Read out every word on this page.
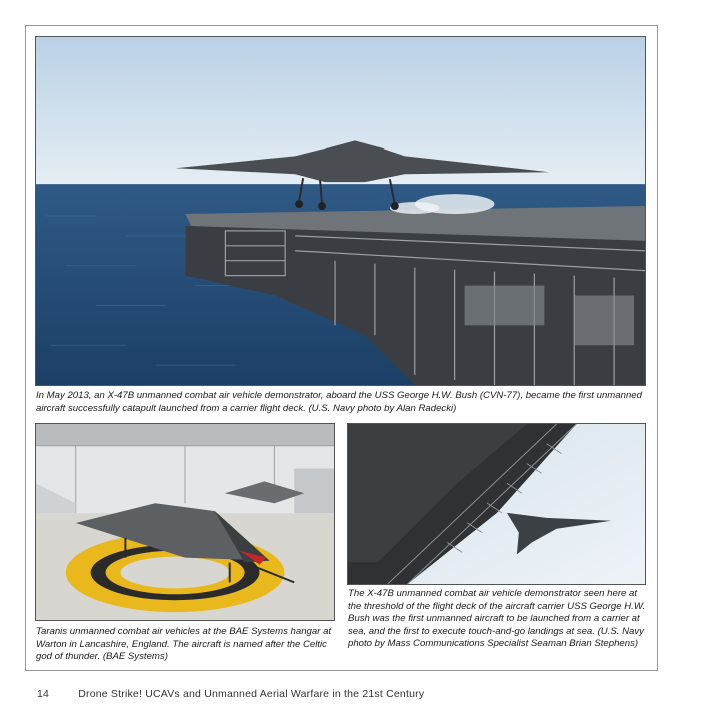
In May 2013, an X-47B unmanned combat air vehicle demonstrator, aboard the USS George H.W. Bush (CVN-77), became the first unmanned aircraft successfully catapult launched from a carrier flight deck. (U.S. Navy photo by Alan Radecki)
Taranis unmanned combat air vehicles at the BAE Systems hangar at Warton in Lancashire, England. The aircraft is named after the Celtic god of thunder. (BAE Systems)
The X-47B unmanned combat air vehicle demonstrator seen here at the threshold of the flight deck of the aircraft carrier USS George H.W. Bush was the first unmanned aircraft to be launched from a carrier at sea, and the first to execute touch-and-go landings at sea. (U.S. Navy photo by Mass Communications Specialist Seaman Brian Stephens)
14	Drone Strike! UCAVs and Unmanned Aerial Warfare in the 21st Century
